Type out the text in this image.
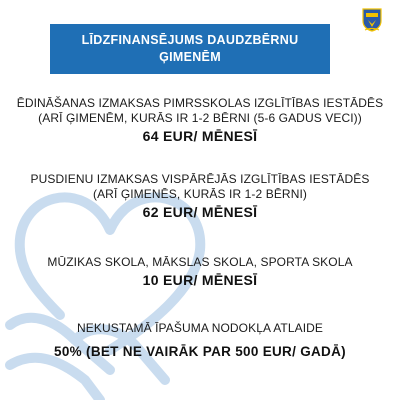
LĪDZFINANSĒJUMS DAUDZBĒRNU
ĢIMENĒM
ĒDINĀŠANAS IZMAKSAS PIMRSSKOLAS IZGLĪTĪBAS IESTĀDĒS
(ARĪ ĢIMENĒM, KURĀS IR 1-2 BĒRNI (5-6 GADUS VECI))
64 EUR/ MĒNESĪ
PUSDIENU IZMAKSAS VISPĀRĒJĀS IZGLĪTĪBAS IESTĀDĒS
(ARĪ ĢIMENĒS, KURĀS IR 1-2 BĒRNI)
62 EUR/ MĒNESĪ
MŪZIKAS SKOLA, MĀKSLAS SKOLA, SPORTA SKOLA
10 EUR/ MĒNESĪ
NEKUSTAMĀ ĪPAŠUMA NODOKĻA ATLAIDE
50% (BET NE VAIRĀK PAR 500 EUR/ GADĀ)
